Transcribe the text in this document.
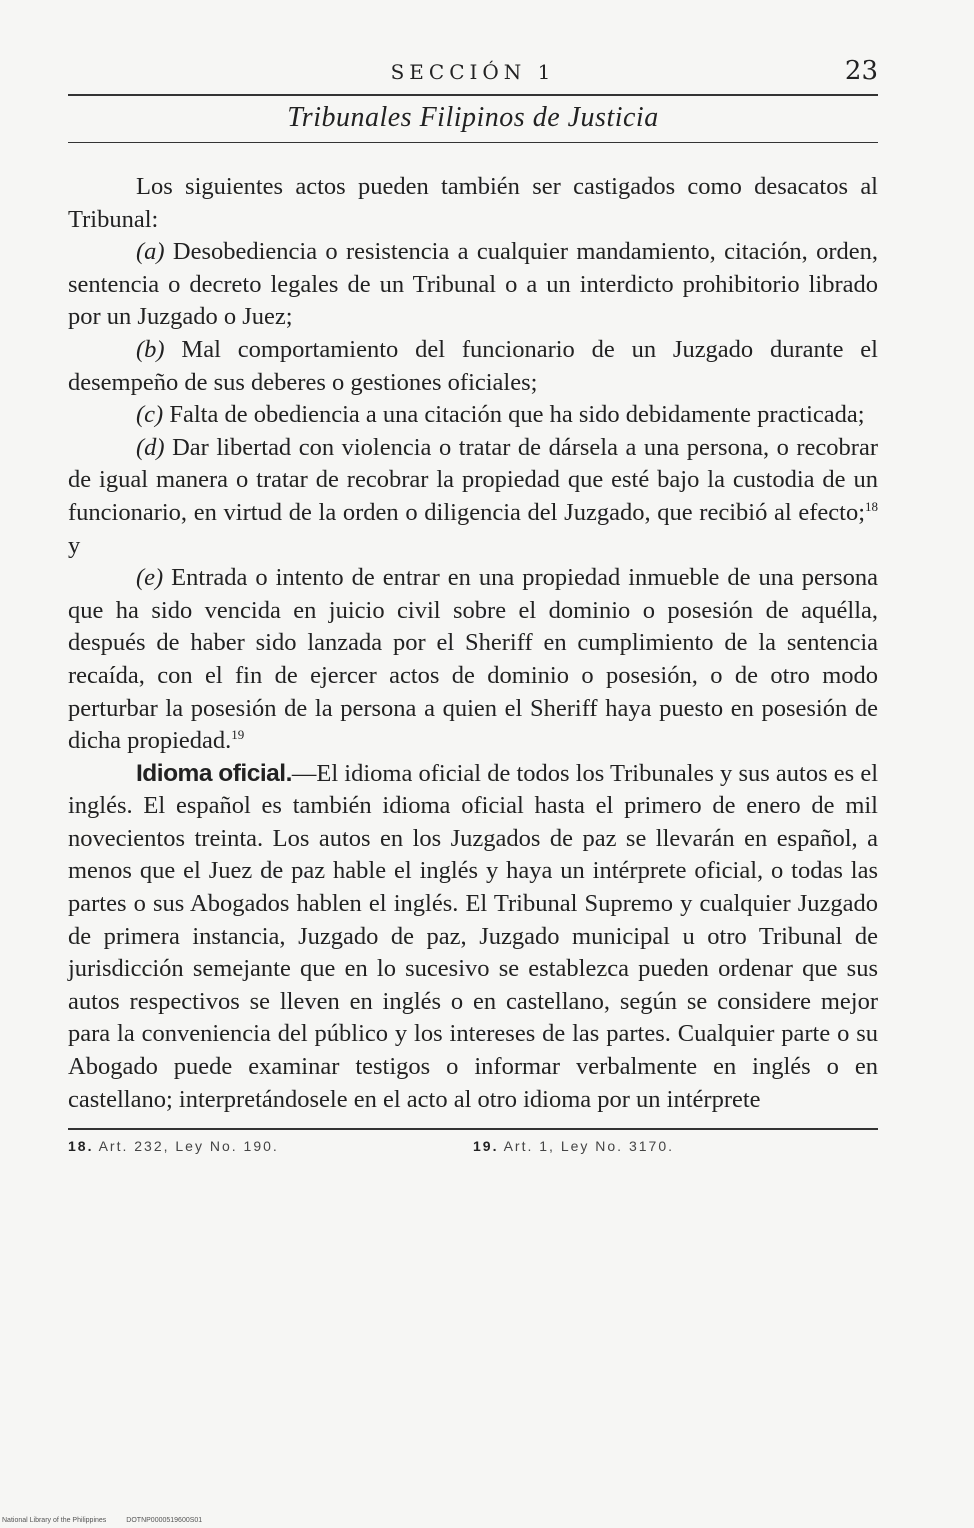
SECCIÓN 1	23
Tribunales Filipinos de Justicia

Los siguientes actos pueden también ser castigados como desacatos al Tribunal:

(a) Desobediencia o resistencia a cualquier mandamiento, citación, orden, sentencia o decreto legales de un Tribunal o a un interdicto prohibitorio librado por un Juzgado o Juez;

(b) Mal comportamiento del funcionario de un Juzgado durante el desempeño de sus deberes o gestiones oficiales;

(c) Falta de obediencia a una citación que ha sido debidamente practicada;

(d) Dar libertad con violencia o tratar de dársela a una persona, o recobrar de igual manera o tratar de recobrar la propiedad que esté bajo la custodia de un funcionario, en virtud de la orden o diligencia del Juzgado, que recibió al efecto;$^{18}$ y

(e) Entrada o intento de entrar en una propiedad inmueble de una persona que ha sido vencida en juicio civil sobre el dominio o posesión de aquélla, después de haber sido lanzada por el Sheriff en cumplimiento de la sentencia recaída, con el fin de ejercer actos de dominio o posesión, o de otro modo perturbar la posesión de la persona a quien el Sheriff haya puesto en posesión de dicha propiedad.$^{19}$

Idioma oficial.—El idioma oficial de todos los Tribunales y sus autos es el inglés. El español es también idioma oficial hasta el primero de enero de mil novecientos treinta. Los autos en los Juzgados de paz se llevarán en español, a menos que el Juez de paz hable el inglés y haya un intérprete oficial, o todas las partes o sus Abogados hablen el inglés. El Tribunal Supremo y cualquier Juzgado de primera instancia, Juzgado de paz, Juzgado municipal u otro Tribunal de jurisdicción semejante que en lo sucesivo se establezca pueden ordenar que sus autos respectivos se lleven en inglés o en castellano, según se considere mejor para la conveniencia del público y los intereses de las partes. Cualquier parte o su Abogado puede examinar testigos o informar verbalmente en inglés o en castellano; interpretándosele en el acto al otro idioma por un intérprete

18. Art. 232, Ley No. 190.	19. Art. 1, Ley No. 3170.
National Library of the Philippines	DOTNP0000519600S01
